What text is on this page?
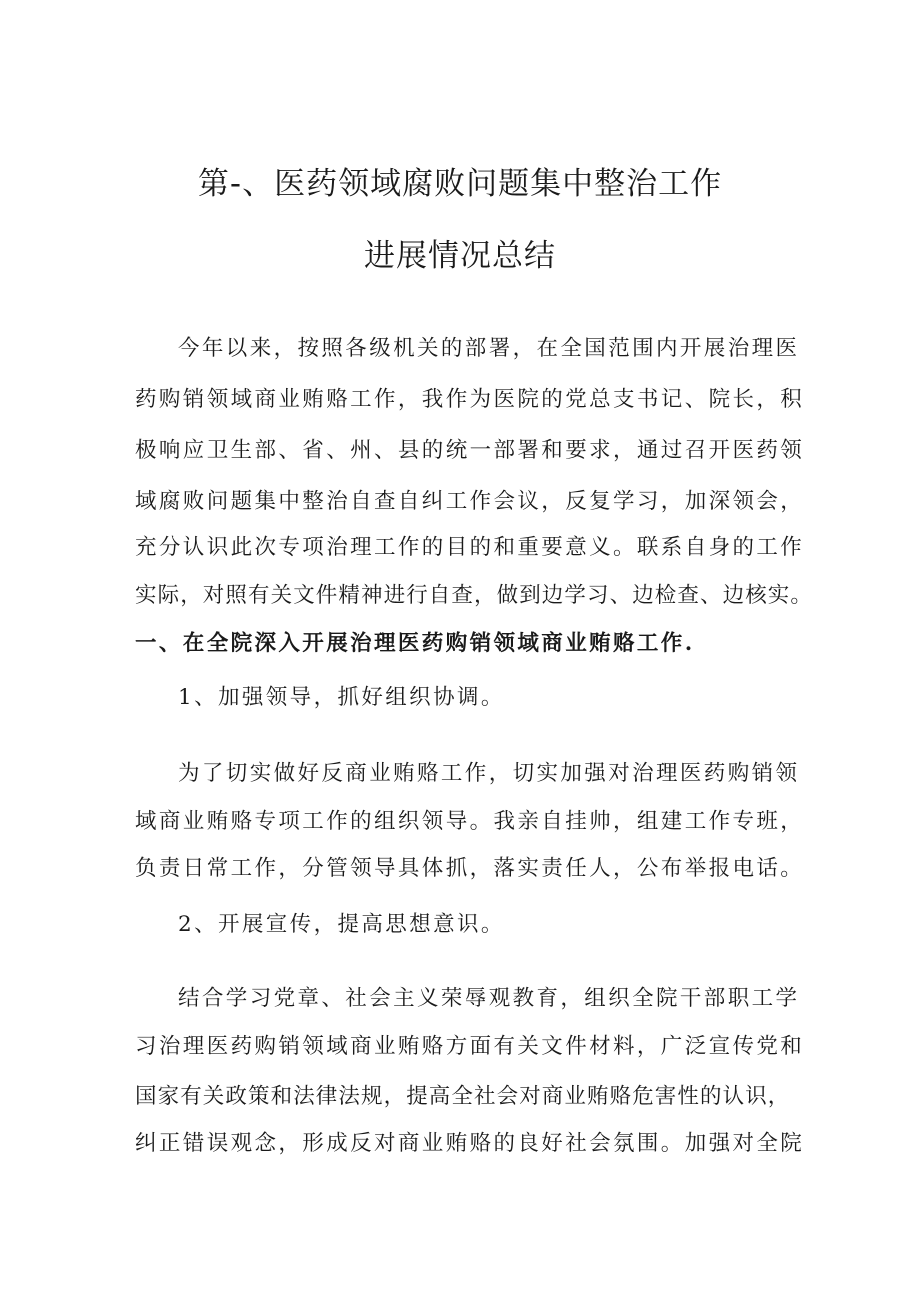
第-、医药领域腐败问题集中整治工作
进展情况总结
今年以来，按照各级机关的部署，在全国范围内开展治理医
药购销领域商业贿赂工作，我作为医院的党总支书记、院长，积
极响应卫生部、省、州、县的统一部署和要求，通过召开医药领
域腐败问题集中整治自查自纠工作会议，反复学习，加深领会，
充分认识此次专项治理工作的目的和重要意义。联系自身的工作
实际，对照有关文件精神进行自查，做到边学习、边检查、边核实。
一、在全院深入开展治理医药购销领域商业贿赂工作.
1、加强领导，抓好组织协调。
为了切实做好反商业贿赂工作，切实加强对治理医药购销领
域商业贿赂专项工作的组织领导。我亲自挂帅，组建工作专班，
负责日常工作，分管领导具体抓，落实责任人，公布举报电话。
2、开展宣传，提高思想意识。
结合学习党章、社会主义荣辱观教育，组织全院干部职工学
习治理医药购销领域商业贿赂方面有关文件材料，广泛宣传党和
国家有关政策和法律法规，提高全社会对商业贿赂危害性的认识，
纠正错误观念，形成反对商业贿赂的良好社会氛围。加强对全院
